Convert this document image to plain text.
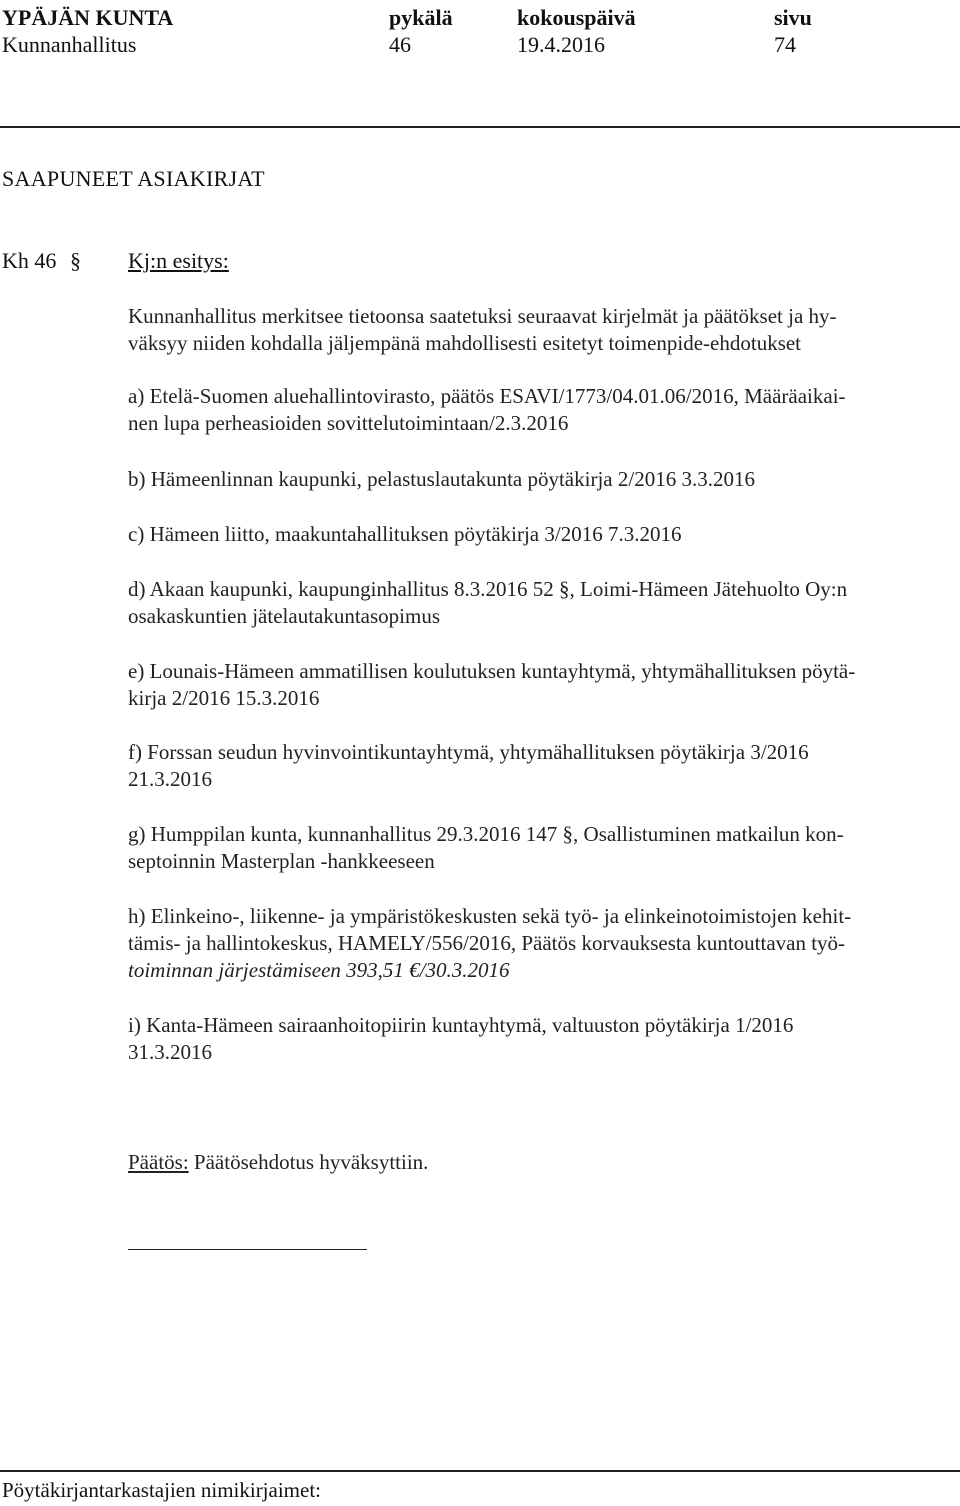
YPÄJÄN KUNTA
Kunnanhallitus
pykälä
46
kokouspäivä
19.4.2016
sivu
74
SAAPUNEET ASIAKIRJAT
Kh 46 § Kj:n esitys:
Kunnanhallitus merkitsee tietoonsa saatetuksi seuraavat kirjelmät ja päätökset ja hy-
väksyy niiden kohdalla jäljempänä mahdollisesti esitetyt toimenpide-ehdotukset
a) Etelä-Suomen aluehallintovirasto, päätös ESAVI/1773/04.01.06/2016, Määräaikai-
nen lupa perheasioiden sovittelutoimintaan/2.3.2016
b) Hämeenlinnan kaupunki, pelastuslautakunta pöytäkirja 2/2016 3.3.2016
c) Hämeen liitto, maakuntahallituksen pöytäkirja 3/2016 7.3.2016
d) Akaan kaupunki, kaupunginhallitus 8.3.2016 52 §, Loimi-Hämeen Jätehuolto Oy:n
osakaskuntien jätelautakuntasopimus
e) Lounais-Hämeen ammatillisen koulutuksen kuntayhtymä, yhtymähallituksen pöytä-
kirja 2/2016 15.3.2016
f) Forssan seudun hyvinvointikuntayhtymä, yhtymähallituksen pöytäkirja 3/2016
21.3.2016
g) Humppilan kunta, kunnanhallitus 29.3.2016 147 §, Osallistuminen matkailun kon-
septoinnin Masterplan -hankkeeseen
h) Elinkeino-, liikenne- ja ympäristökeskusten sekä työ- ja elinkeinotoimistojen kehit-
tämis- ja hallintokeskus, HAMELY/556/2016, Päätös korvauksesta kuntouttavan työ-
toiminnan järjestämiseen 393,51 €/30.3.2016
i) Kanta-Hämeen sairaanhoitopiirin kuntayhtymä, valtuuston pöytäkirja 1/2016
31.3.2016
Päätös: Päätösehdotus hyväksyttiin.
Pöytäkirjantarkastajien nimikirjaimet:
